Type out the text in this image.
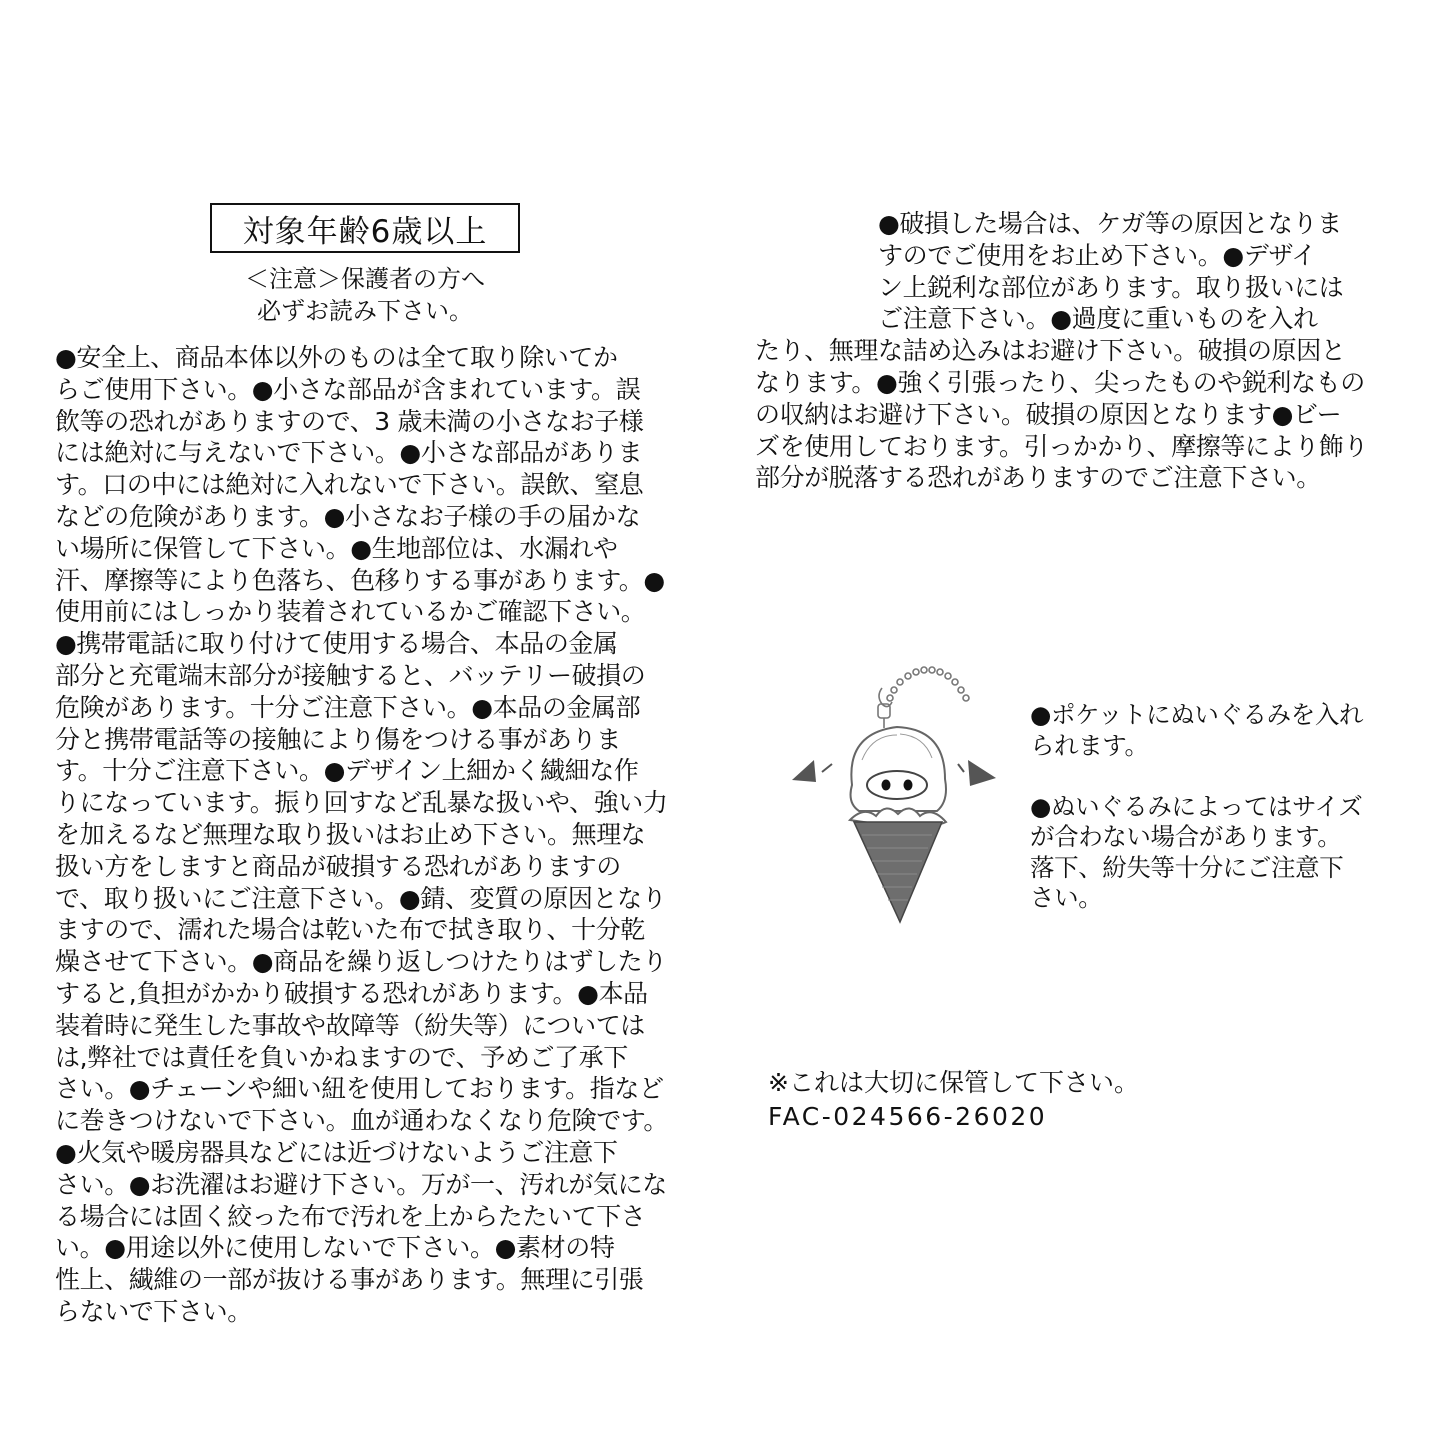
対象年齢6歳以上
＜注意＞保護者の方へ
必ずお読み下さい。
●安全上、商品本体以外のものは全て取り除いてか
らご使用下さい。●小さな部品が含まれています。誤
飲等の恐れがありますので、3 歳未満の小さなお子様
には絶対に与えないで下さい。●小さな部品がありま
す。口の中には絶対に入れないで下さい。誤飲、窒息
などの危険があります。●小さなお子様の手の届かな
い場所に保管して下さい。●生地部位は、水漏れや
汗、摩擦等により色落ち、色移りする事があります。●
使用前にはしっかり装着されているかご確認下さい。
●携帯電話に取り付けて使用する場合、本品の金属
部分と充電端末部分が接触すると、バッテリー破損の
危険があります。十分ご注意下さい。●本品の金属部
分と携帯電話等の接触により傷をつける事がありま
す。十分ご注意下さい。●デザイン上細かく繊細な作
りになっています。振り回すなど乱暴な扱いや、強い力
を加えるなど無理な取り扱いはお止め下さい。無理な
扱い方をしますと商品が破損する恐れがありますの
で、取り扱いにご注意下さい。●錆、変質の原因となり
ますので、濡れた場合は乾いた布で拭き取り、十分乾
燥させて下さい。●商品を繰り返しつけたりはずしたり
すると,負担がかかり破損する恐れがあります。●本品
装着時に発生した事故や故障等（紛失等）については
は,弊社では責任を負いかねますので、予めご了承下
さい。●チェーンや細い紐を使用しております。指など
に巻きつけないで下さい。血が通わなくなり危険です。
●火気や暖房器具などには近づけないようご注意下
さい。●お洗濯はお避け下さい。万が一、汚れが気にな
る場合には固く絞った布で汚れを上からたたいて下さ
い。●用途以外に使用しないで下さい。●素材の特
性上、繊維の一部が抜ける事があります。無理に引張
らないで下さい。
　　　　　●破損した場合は、ケガ等の原因となりま
　　　　　すのでご使用をお止め下さい。●デザイ
　　　　　ン上鋭利な部位があります。取り扱いには
　　　　　ご注意下さい。●過度に重いものを入れ
たり、無理な詰め込みはお避け下さい。破損の原因と
なります。●強く引張ったり、尖ったものや鋭利なもの
の収納はお避け下さい。破損の原因となります●ビー
ズを使用しております。引っかかり、摩擦等により飾り
部分が脱落する恐れがありますのでご注意下さい。
●ポケットにぬいぐるみを入れ
られます。

●ぬいぐるみによってはサイズ
が合わない場合があります。
落下、紛失等十分にご注意下
さい。
※これは大切に保管して下さい。
FAC-024566-26020
